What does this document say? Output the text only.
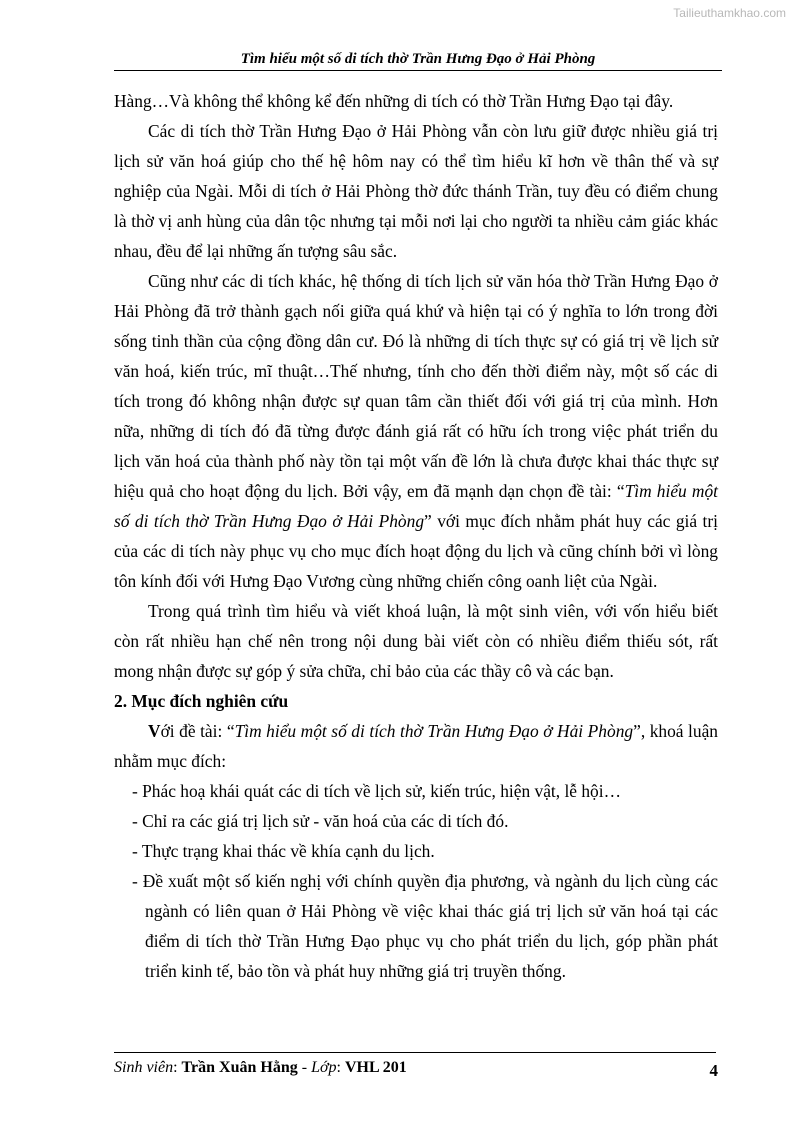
Tailieuthamkhao.com
Tìm hiểu một số di tích thờ Trần Hưng Đạo ở Hải Phòng

Hàng…Và không thể không kể đến những di tích có thờ Trần Hưng Đạo tại đây.

Các di tích thờ Trần Hưng Đạo ở Hải Phòng vẫn còn lưu giữ được nhiều giá trị lịch sử văn hoá giúp cho thế hệ hôm nay có thể tìm hiểu kĩ hơn về thân thế và sự nghiệp của Ngài. Mỗi di tích ở Hải Phòng thờ đức thánh Trần, tuy đều có điểm chung là thờ vị anh hùng của dân tộc nhưng tại mỗi nơi lại cho người ta nhiều cảm giác khác nhau, đều để lại những ấn tượng sâu sắc.

Cũng như các di tích khác, hệ thống di tích lịch sử văn hóa thờ Trần Hưng Đạo ở Hải Phòng đã trở thành gạch nối giữa quá khứ và hiện tại có ý nghĩa to lớn trong đời sống tinh thần của cộng đồng dân cư. Đó là những di tích thực sự có giá trị về lịch sử văn hoá, kiến trúc, mĩ thuật…Thế nhưng, tính cho đến thời điểm này, một số các di tích trong đó không nhận được sự quan tâm cần thiết đối với giá trị của mình. Hơn nữa, những di tích đó đã từng được đánh giá rất có hữu ích trong việc phát triển du lịch văn hoá của thành phố này tồn tại một vấn đề lớn là chưa được khai thác thực sự hiệu quả cho hoạt động du lịch. Bởi vậy, em đã mạnh dạn chọn đề tài: “Tìm hiểu một số di tích thờ Trần Hưng Đạo ở Hải Phòng” với mục đích nhằm phát huy các giá trị của các di tích này phục vụ cho mục đích hoạt động du lịch và cũng chính bởi vì lòng tôn kính đối với Hưng Đạo Vương cùng những chiến công oanh liệt của Ngài.

Trong quá trình tìm hiểu và viết khoá luận, là một sinh viên, với vốn hiểu biết còn rất nhiều hạn chế nên trong nội dung bài viết còn có nhiều điểm thiếu sót, rất mong nhận được sự góp ý sửa chữa, chỉ bảo của các thầy cô và các bạn.

2. Mục đích nghiên cứu

Với đề tài: “Tìm hiểu một số di tích thờ Trần Hưng Đạo ở Hải Phòng”, khoá luận nhằm mục đích:

- Phác hoạ khái quát các di tích về lịch sử, kiến trúc, hiện vật, lễ hội…

- Chỉ ra các giá trị lịch sử - văn hoá của các di tích đó.

- Thực trạng khai thác về khía cạnh du lịch.

- Đề xuất một số kiến nghị với chính quyền địa phương, và ngành du lịch cùng các ngành có liên quan ở Hải Phòng về việc khai thác giá trị lịch sử văn hoá tại các điểm di tích thờ Trần Hưng Đạo phục vụ cho phát triển du lịch, góp phần phát triển kinh tế, bảo tồn và phát huy những giá trị truyền thống.

Sinh viên: Trần Xuân Hằng - Lớp: VHL 201	4
